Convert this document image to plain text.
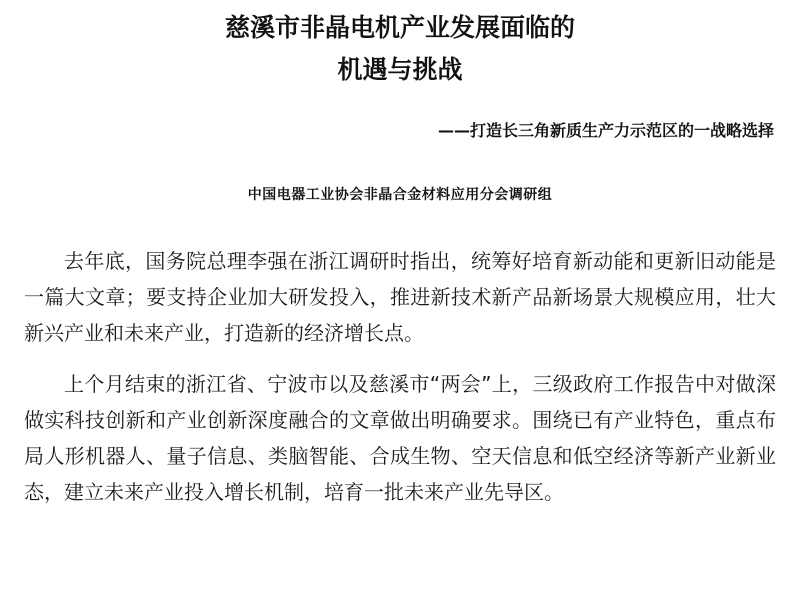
慈溪市非晶电机产业发展面临的
机遇与挑战
——打造长三角新质生产力示范区的一战略选择
中国电器工业协会非晶合金材料应用分会调研组

去年底，国务院总理李强在浙江调研时指出，统筹好培育新动能和更新旧动能是一篇大文章；要支持企业加大研发投入，推进新技术新产品新场景大规模应用，壮大新兴产业和未来产业，打造新的经济增长点。

上个月结束的浙江省、宁波市以及慈溪市“两会”上，三级政府工作报告中对做深做实科技创新和产业创新深度融合的文章做出明确要求。围绕已有产业特色，重点布局人形机器人、量子信息、类脑智能、合成生物、空天信息和低空经济等新产业新业态，建立未来产业投入增长机制，培育一批未来产业先导区。
